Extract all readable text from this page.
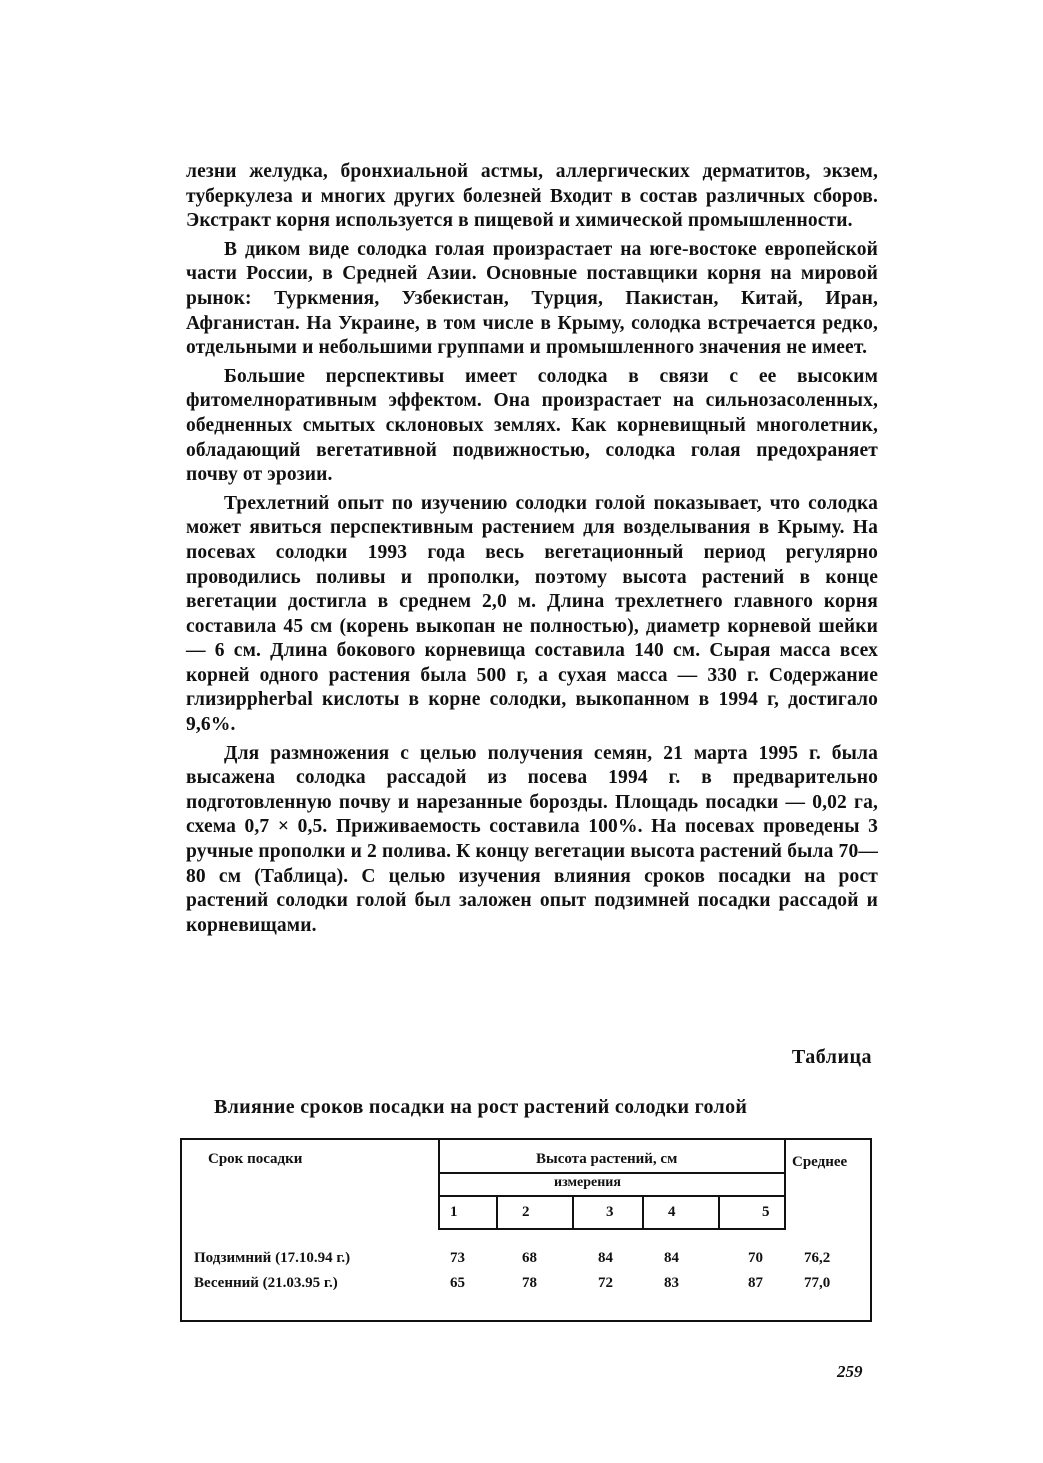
лезни желудка, бронхиальной астмы, аллергических дерматитов, экзем, туберкулеза и многих других болезней Входит в состав различных сборов. Экстракт корня используется в пищевой и химической промышленности.

В диком виде солодка голая произрастает на юге-востоке европейской части России, в Средней Азии. Основные поставщики корня на мировой рынок: Туркмения, Узбекистан, Турция, Пакистан, Китай, Иран, Афганистан. На Украине, в том числе в Крыму, солодка встречается редко, отдельными и небольшими группами и промышленного значения не имеет.

Большие перспективы имеет солодка в связи с ее высоким фитомелноративным эффектом. Она произрастает на сильнозасоленных, обедненных смытых склоновых землях. Как корневищный многолетник, обладающий вегетативной подвижностью, солодка голая предохраняет почву от эрозии.

Трехлетний опыт по изучению солодки голой показывает, что солодка может явиться перспективным растением для возделывания в Крыму. На посевах солодки 1993 года весь вегетационный период регулярно проводились поливы и прополки, поэтому высота растений в конце вегетации достигла в среднем 2,0 м. Длина трехлетнего главного корня составила 45 см (корень выкопан не полностью), диаметр корневой шейки — 6 см. Длина бокового корневища составила 140 см. Сырая масса всех корней одного растения была 500 г, а сухая масса — 330 г. Содержание глизиррherbal кислоты в корне солодки, выкопанном в 1994 г, достигало 9,6%.

Для размножения с целью получения семян, 21 марта 1995 г. была высажена солодка рассадой из посева 1994 г. в предварительно подготовленную почву и нарезанные борозды. Площадь посадки — 0,02 га, схема 0,7 × 0,5. Приживаемость составила 100%. На посевах проведены 3 ручные прополки и 2 полива. К концу вегетации высота растений была 70—80 см (Таблица). С целью изучения влияния сроков посадки на рост растений солодки голой был заложен опыт подзимней посадки рассадой и корневищами.

Таблица
Влияние сроков посадки на рост растений солодки голой
Срок посадки	Высота растений, см
измерения
Среднее
1	2	3	4	5
Подзимний (17.10.94 г.)	73	68	84	84	70	76,2
Весенний (21.03.95 г.)	65	78	72	83	87	77,0
259
